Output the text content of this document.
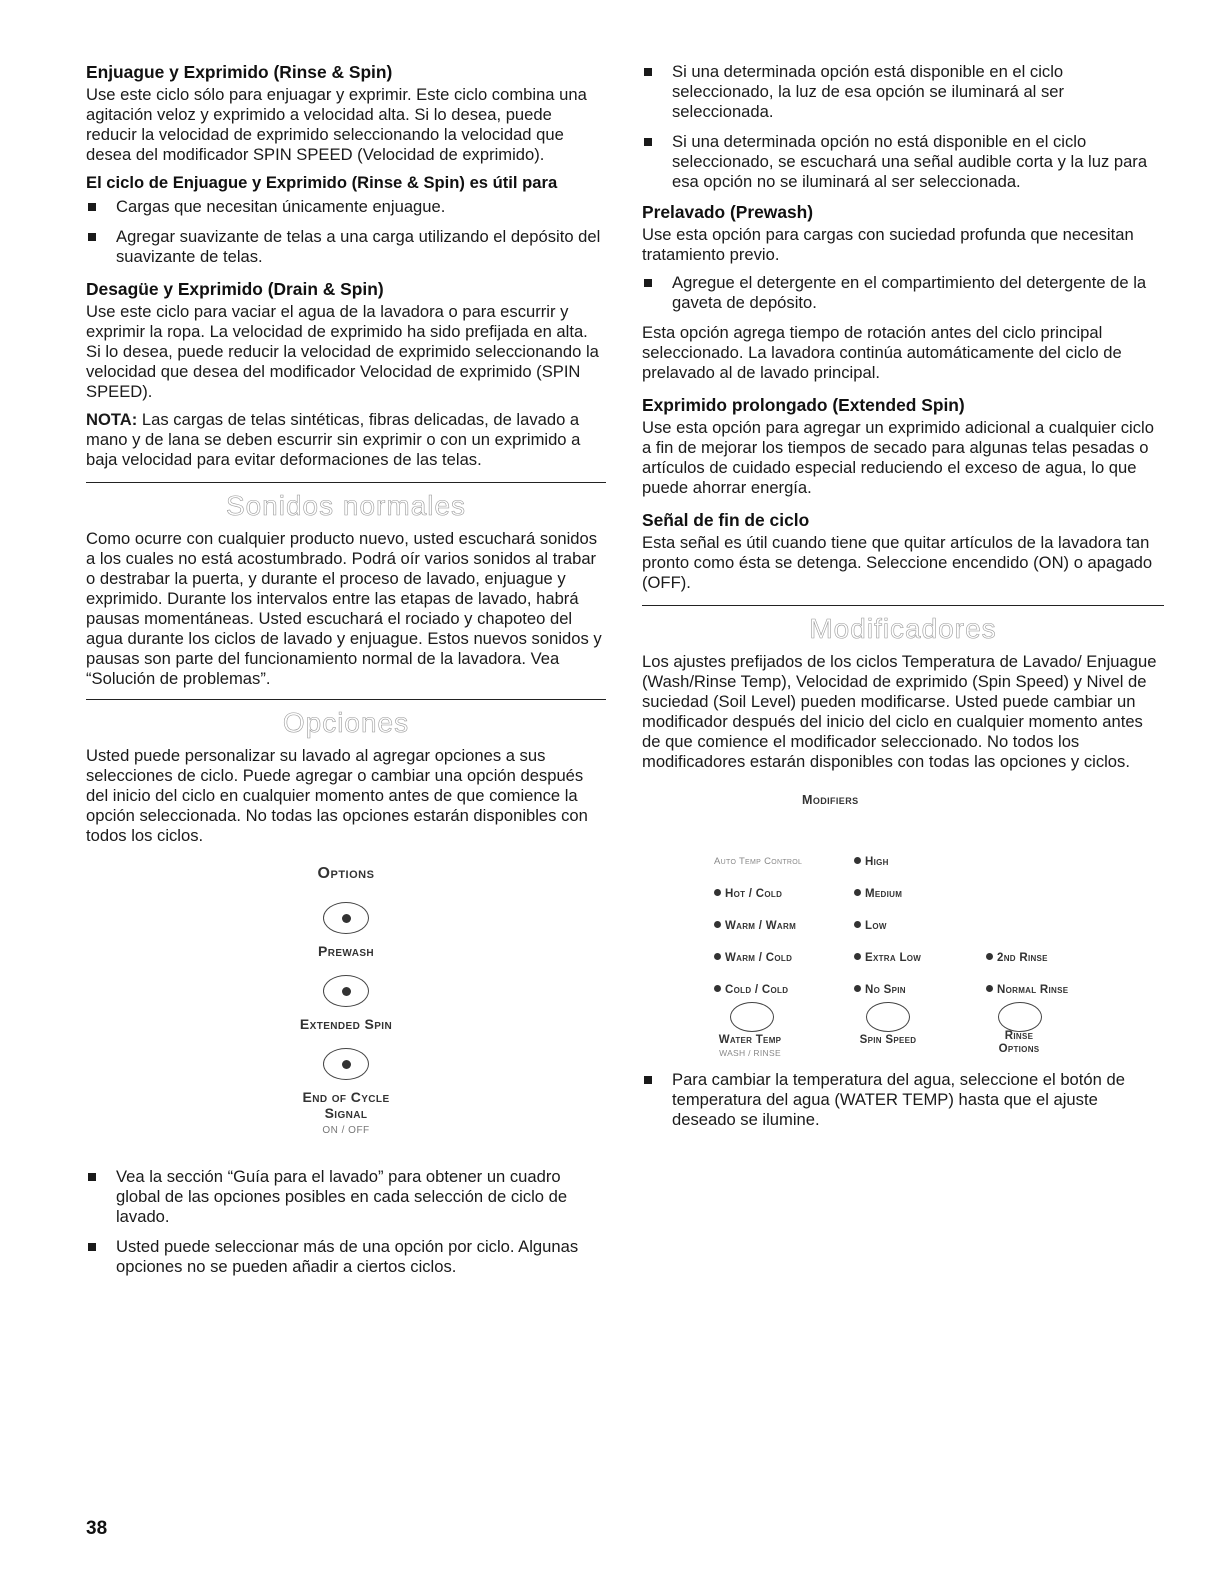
Enjuague y Exprimido (Rinse & Spin)

Use este ciclo sólo para enjuagar y exprimir. Este ciclo combina una agitación veloz y exprimido a velocidad alta. Si lo desea, puede reducir la velocidad de exprimido seleccionando la velocidad que desea del modificador SPIN SPEED (Velocidad de exprimido).

El ciclo de Enjuague y Exprimido (Rinse & Spin) es útil para
Cargas que necesitan únicamente enjuague.
Agregar suavizante de telas a una carga utilizando el depósito del suavizante de telas.
Desagüe y Exprimido (Drain & Spin)

Use este ciclo para vaciar el agua de la lavadora o para escurrir y exprimir la ropa. La velocidad de exprimido ha sido prefijada en alta. Si lo desea, puede reducir la velocidad de exprimido seleccionando la velocidad que desea del modificador Velocidad de exprimido (SPIN SPEED).

NOTA: Las cargas de telas sintéticas, fibras delicadas, de lavado a mano y de lana se deben escurrir sin exprimir o con un exprimido a baja velocidad para evitar deformaciones de las telas.

Sonidos normales

Como ocurre con cualquier producto nuevo, usted escuchará sonidos a los cuales no está acostumbrado. Podrá oír varios sonidos al trabar o destrabar la puerta, y durante el proceso de lavado, enjuague y exprimido. Durante los intervalos entre las etapas de lavado, habrá pausas momentáneas. Usted escuchará el rociado y chapoteo del agua durante los ciclos de lavado y enjuague. Estos nuevos sonidos y pausas son parte del funcionamiento normal de la lavadora. Vea “Solución de problemas”.

Opciones

Usted puede personalizar su lavado al agregar opciones a sus selecciones de ciclo. Puede agregar o cambiar una opción después del inicio del ciclo en cualquier momento antes de que comience la opción seleccionada. No todas las opciones estarán disponibles con todos los ciclos.

Options
Prewash
Extended Spin
End of Cycle
Signal
ON / OFF
Vea la sección “Guía para el lavado” para obtener un cuadro global de las opciones posibles en cada selección de ciclo de lavado.
Usted puede seleccionar más de una opción por ciclo. Algunas opciones no se pueden añadir a ciertos ciclos.
Si una determinada opción está disponible en el ciclo seleccionado, la luz de esa opción se iluminará al ser seleccionada.
Si una determinada opción no está disponible en el ciclo seleccionado, se escuchará una señal audible corta y la luz para esa opción no se iluminará al ser seleccionada.
Prelavado (Prewash)

Use esta opción para cargas con suciedad profunda que necesitan tratamiento previo.

Agregue el detergente en el compartimiento del detergente de la gaveta de depósito.

Esta opción agrega tiempo de rotación antes del ciclo principal seleccionado. La lavadora continúa automáticamente del ciclo de prelavado al de lavado principal.

Exprimido prolongado (Extended Spin)

Use esta opción para agregar un exprimido adicional a cualquier ciclo a fin de mejorar los tiempos de secado para algunas telas pesadas o artículos de cuidado especial reduciendo el exceso de agua, lo que puede ahorrar energía.

Señal de fin de ciclo

Esta señal es útil cuando tiene que quitar artículos de la lavadora tan pronto como ésta se detenga. Seleccione encendido (ON) o apagado (OFF).

Modificadores

Los ajustes prefijados de los ciclos Temperatura de Lavado/ Enjuague (Wash/Rinse Temp), Velocidad de exprimido (Spin Speed) y Nivel de suciedad (Soil Level) pueden modificarse. Usted puede cambiar un modificador después del inicio del ciclo en cualquier momento antes de que comience el modificador seleccionado. No todos los modificadores estarán disponibles con todas las opciones y ciclos.

Modifiers
Auto Temp Control
Hot / Cold
Warm / Warm
Warm / Cold
Cold / Cold
High
Medium
Low
Extra Low
No Spin
2nd Rinse
Normal Rinse
Water Temp
WASH / RINSE
Spin Speed	Rinse
Options
Para cambiar la temperatura del agua, seleccione el botón de temperatura del agua (WATER TEMP) hasta que el ajuste deseado se ilumine.
38
